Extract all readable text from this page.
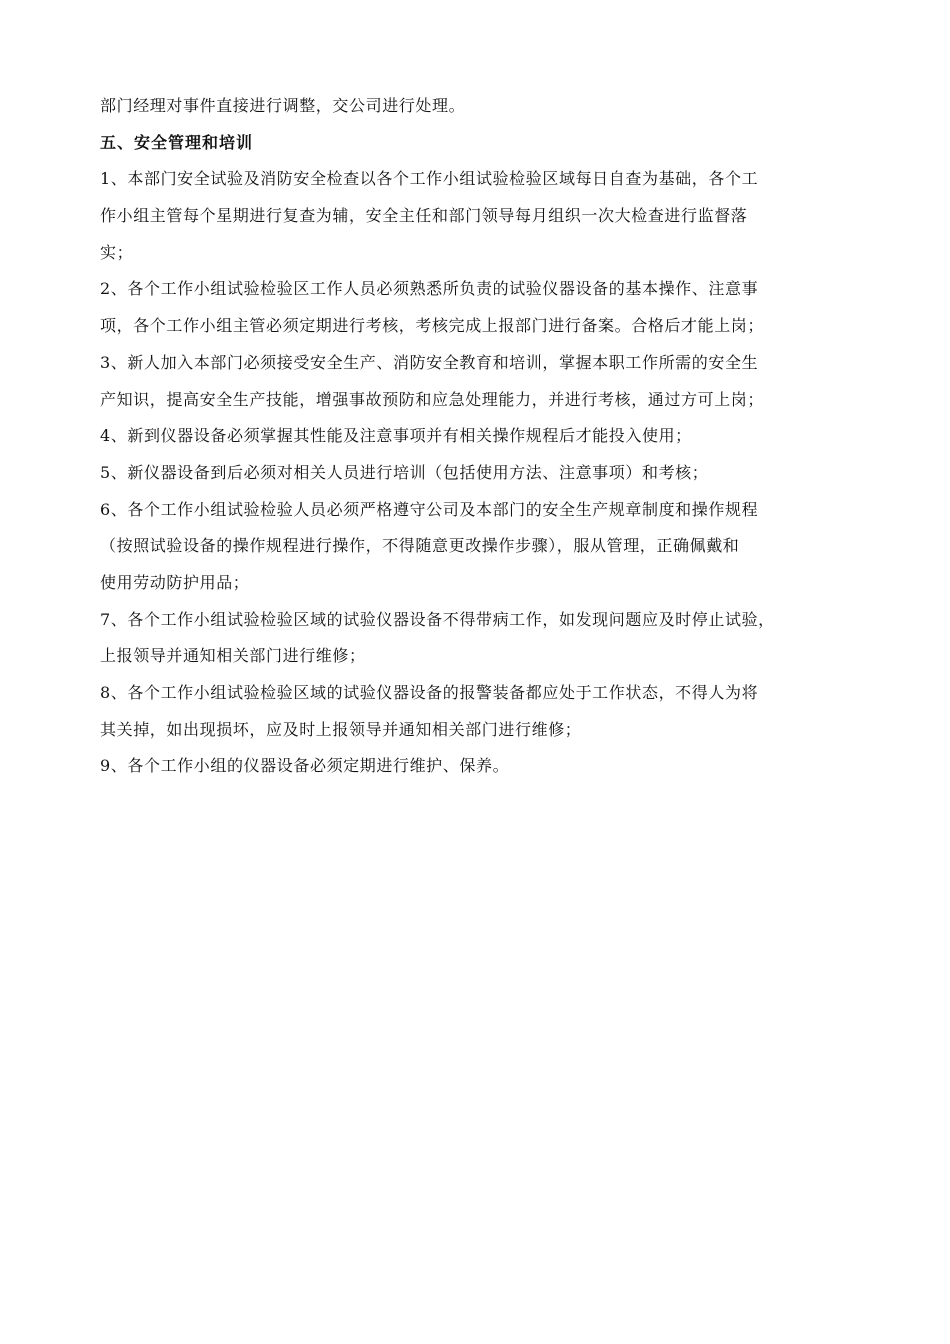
部门经理对事件直接进行调整，交公司进行处理。
五、安全管理和培训
1、本部门安全试验及消防安全检查以各个工作小组试验检验区域每日自查为基础，各个工
作小组主管每个星期进行复查为辅，安全主任和部门领导每月组织一次大检查进行监督落
实；
2、各个工作小组试验检验区工作人员必须熟悉所负责的试验仪器设备的基本操作、注意事
项，各个工作小组主管必须定期进行考核，考核完成上报部门进行备案。合格后才能上岗；
3、新人加入本部门必须接受安全生产、消防安全教育和培训，掌握本职工作所需的安全生
产知识，提高安全生产技能，增强事故预防和应急处理能力，并进行考核，通过方可上岗；
4、新到仪器设备必须掌握其性能及注意事项并有相关操作规程后才能投入使用；
5、新仪器设备到后必须对相关人员进行培训（包括使用方法、注意事项）和考核；
6、各个工作小组试验检验人员必须严格遵守公司及本部门的安全生产规章制度和操作规程
（按照试验设备的操作规程进行操作，不得随意更改操作步骤），服从管理，正确佩戴和
使用劳动防护用品；
7、各个工作小组试验检验区域的试验仪器设备不得带病工作，如发现问题应及时停止试验，
上报领导并通知相关部门进行维修；
8、各个工作小组试验检验区域的试验仪器设备的报警装备都应处于工作状态，不得人为将
其关掉，如出现损坏，应及时上报领导并通知相关部门进行维修；
9、各个工作小组的仪器设备必须定期进行维护、保养。
